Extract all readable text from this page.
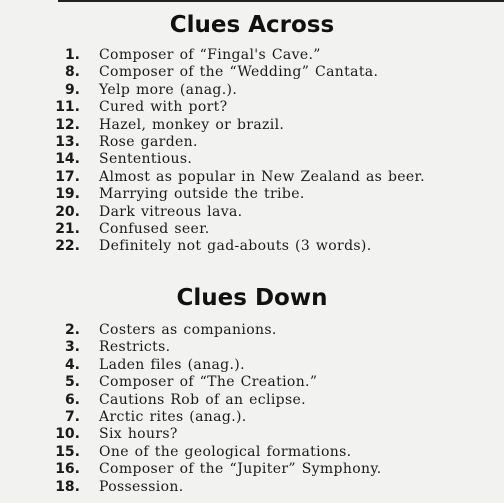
Clues Across
1. Composer of “Fingal's Cave.”
8. Composer of the “Wedding” Cantata.
9. Yelp more (anag.).
11. Cured with port?
12. Hazel, monkey or brazil.
13. Rose garden.
14. Sententious.
17. Almost as popular in New Zealand as beer.
19. Marrying outside the tribe.
20. Dark vitreous lava.
21. Confused seer.
22. Definitely not gad-abouts (3 words).
Clues Down
2. Costers as companions.
3. Restricts.
4. Laden files (anag.).
5. Composer of “The Creation.”
6. Cautions Rob of an eclipse.
7. Arctic rites (anag.).
10. Six hours?
15. One of the geological formations.
16. Composer of the “Jupiter” Symphony.
18. Possession.
